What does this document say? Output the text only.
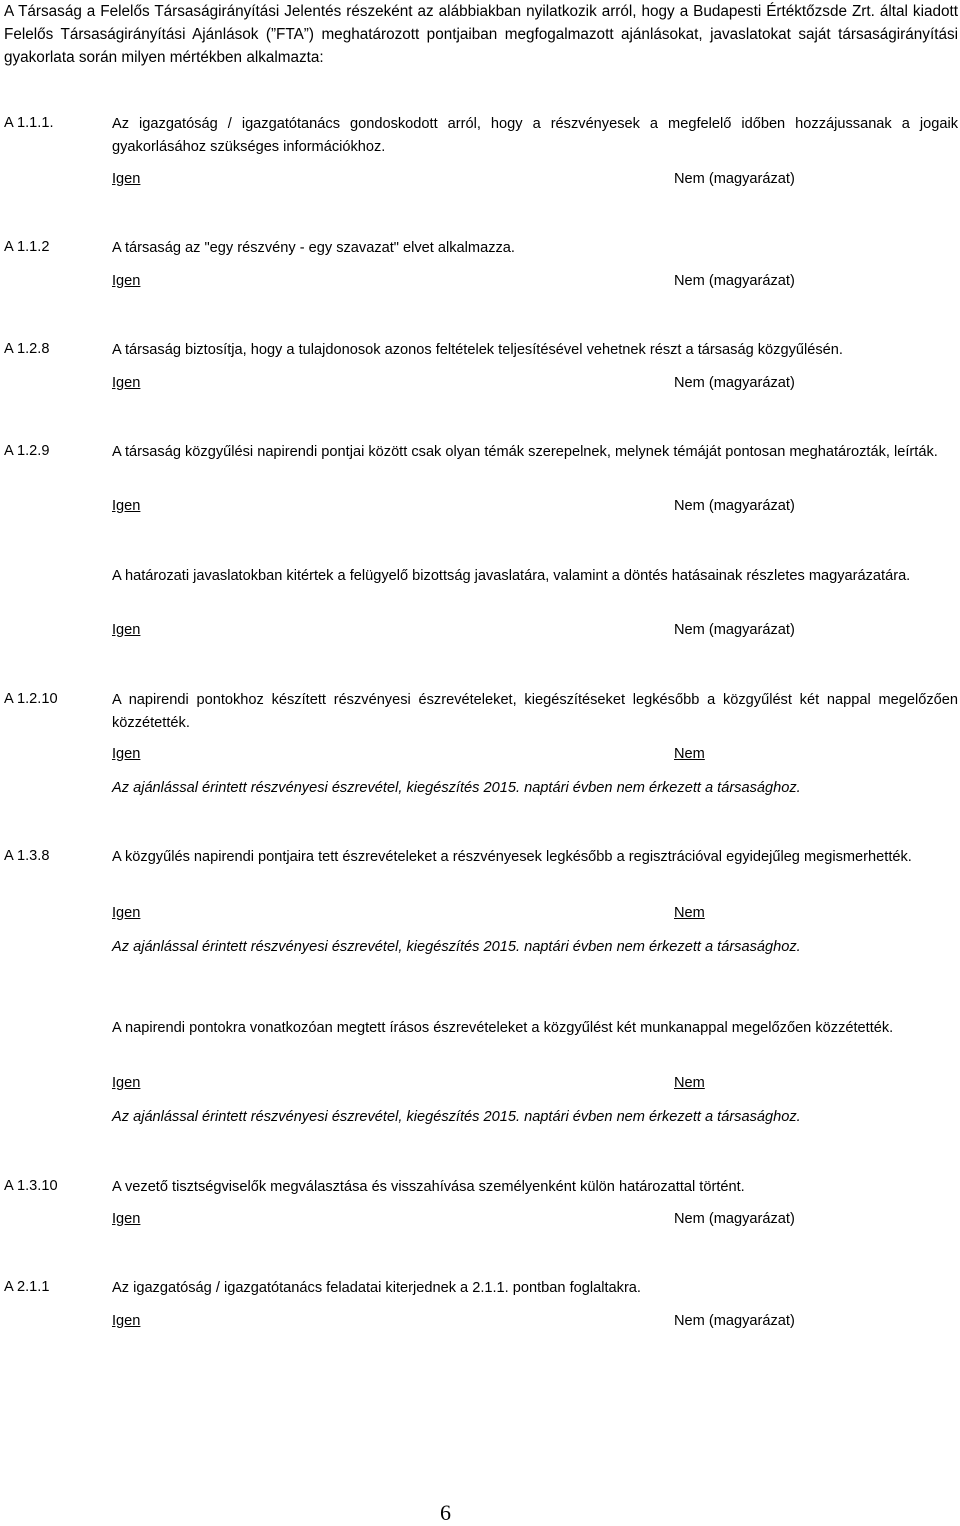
A Társaság a Felelős Társaságirányítási Jelentés részeként az alábbiakban nyilatkozik arról, hogy a Budapesti Értéktőzsde Zrt. által kiadott Felelős Társaságirányítási Ajánlások (”FTA”) meghatározott pontjaiban megfogalmazott ajánlásokat, javaslatokat saját társaságirányítási gyakorlata során milyen mértékben alkalmazta:
A 1.1.1.	Az igazgatóság / igazgatótanács gondoskodott arról, hogy a részvényesek a megfelelő időben hozzájussanak a jogaik gyakorlásához szükséges információkhoz.
Igen	Nem (magyarázat)
A 1.1.2	A társaság az "egy részvény - egy szavazat" elvet alkalmazza.
Igen	Nem (magyarázat)
A 1.2.8	A társaság biztosítja, hogy a tulajdonosok azonos feltételek teljesítésével vehetnek részt a társaság közgyűlésén.
Igen	Nem (magyarázat)
A 1.2.9	A társaság közgyűlési napirendi pontjai között csak olyan témák szerepelnek, melynek témáját pontosan meghatározták, leírták.
Igen	Nem (magyarázat)
A határozati javaslatokban kitértek a felügyelő bizottság javaslatára, valamint a döntés hatásainak részletes magyarázatára.
Igen	Nem (magyarázat)
A 1.2.10	A napirendi pontokhoz készített részvényesi észrevételeket, kiegészítéseket legkésőbb a közgyűlést két nappal megelőzően közzétették.
Igen	Nem
Az ajánlással érintett részvényesi észrevétel, kiegészítés 2015. naptári évben nem érkezett a társasághoz.
A 1.3.8	A közgyűlés napirendi pontjaira tett észrevételeket a részvényesek legkésőbb a regisztrációval egyidejűleg megismerhették.
Igen	Nem
Az ajánlással érintett részvényesi észrevétel, kiegészítés 2015. naptári évben nem érkezett a társasághoz.
A napirendi pontokra vonatkozóan megtett írásos észrevételeket a közgyűlést két munkanappal megelőzően közzétették.
Igen	Nem
Az ajánlással érintett részvényesi észrevétel, kiegészítés 2015. naptári évben nem érkezett a társasághoz.
A 1.3.10	A vezető tisztségviselők megválasztása és visszahívása személyenként külön határozattal történt.
Igen	Nem (magyarázat)
A 2.1.1	Az igazgatóság / igazgatótanács feladatai kiterjednek a 2.1.1. pontban foglaltakra.
Igen	Nem (magyarázat)
6
